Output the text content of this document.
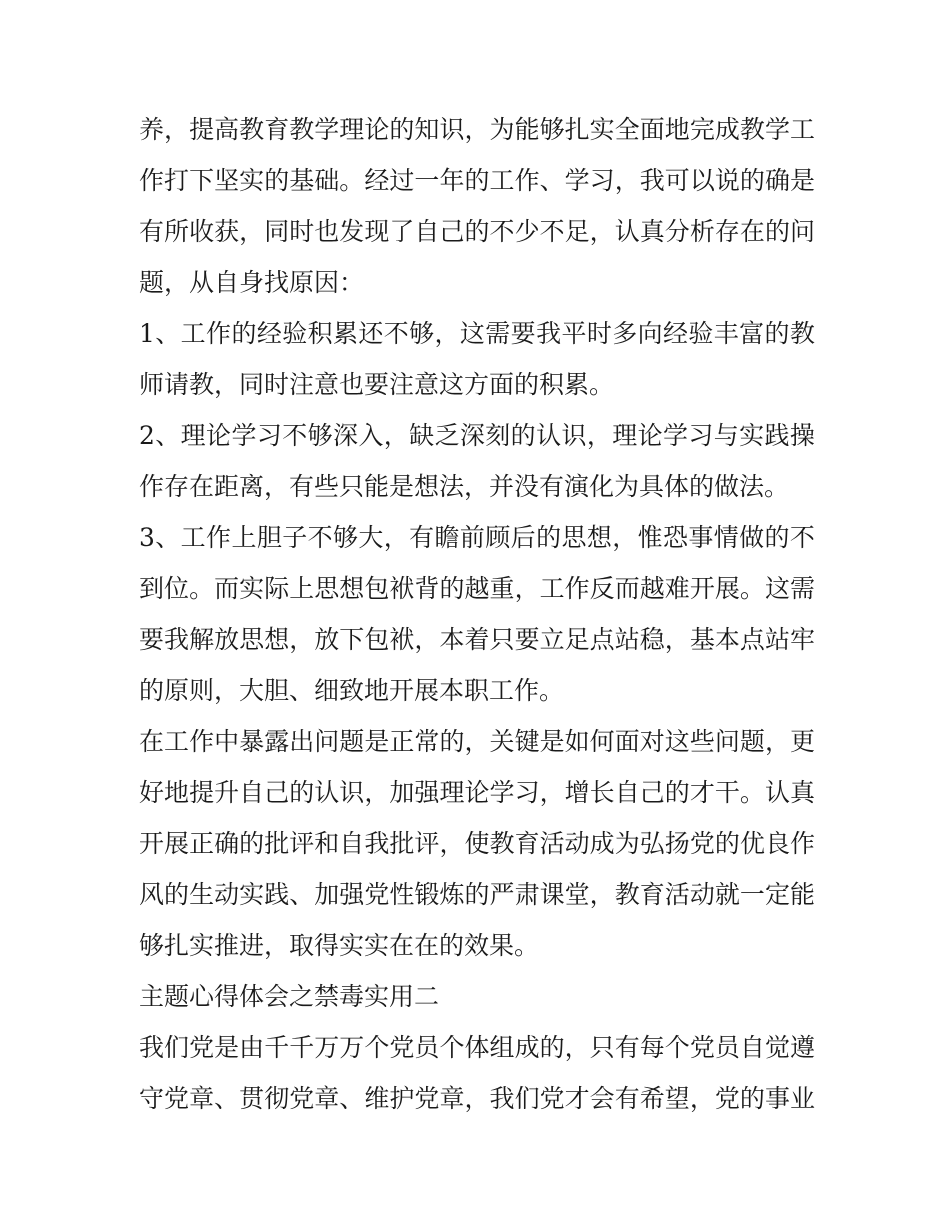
养，提高教育教学理论的知识，为能够扎实全面地完成教学工
作打下坚实的基础。经过一年的工作、学习，我可以说的确是
有所收获，同时也发现了自己的不少不足，认真分析存在的问
题，从自身找原因：
1、工作的经验积累还不够，这需要我平时多向经验丰富的教
师请教，同时注意也要注意这方面的积累。
2、理论学习不够深入，缺乏深刻的认识，理论学习与实践操
作存在距离，有些只能是想法，并没有演化为具体的做法。
3、工作上胆子不够大，有瞻前顾后的思想，惟恐事情做的不
到位。而实际上思想包袱背的越重，工作反而越难开展。这需
要我解放思想，放下包袱，本着只要立足点站稳，基本点站牢
的原则，大胆、细致地开展本职工作。
在工作中暴露出问题是正常的，关键是如何面对这些问题，更
好地提升自己的认识，加强理论学习，增长自己的才干。认真
开展正确的批评和自我批评，使教育活动成为弘扬党的优良作
风的生动实践、加强党性锻炼的严肃课堂，教育活动就一定能
够扎实推进，取得实实在在的效果。
主题心得体会之禁毒实用二
我们党是由千千万万个党员个体组成的，只有每个党员自觉遵
守党章、贯彻党章、维护党章，我们党才会有希望，党的事业
